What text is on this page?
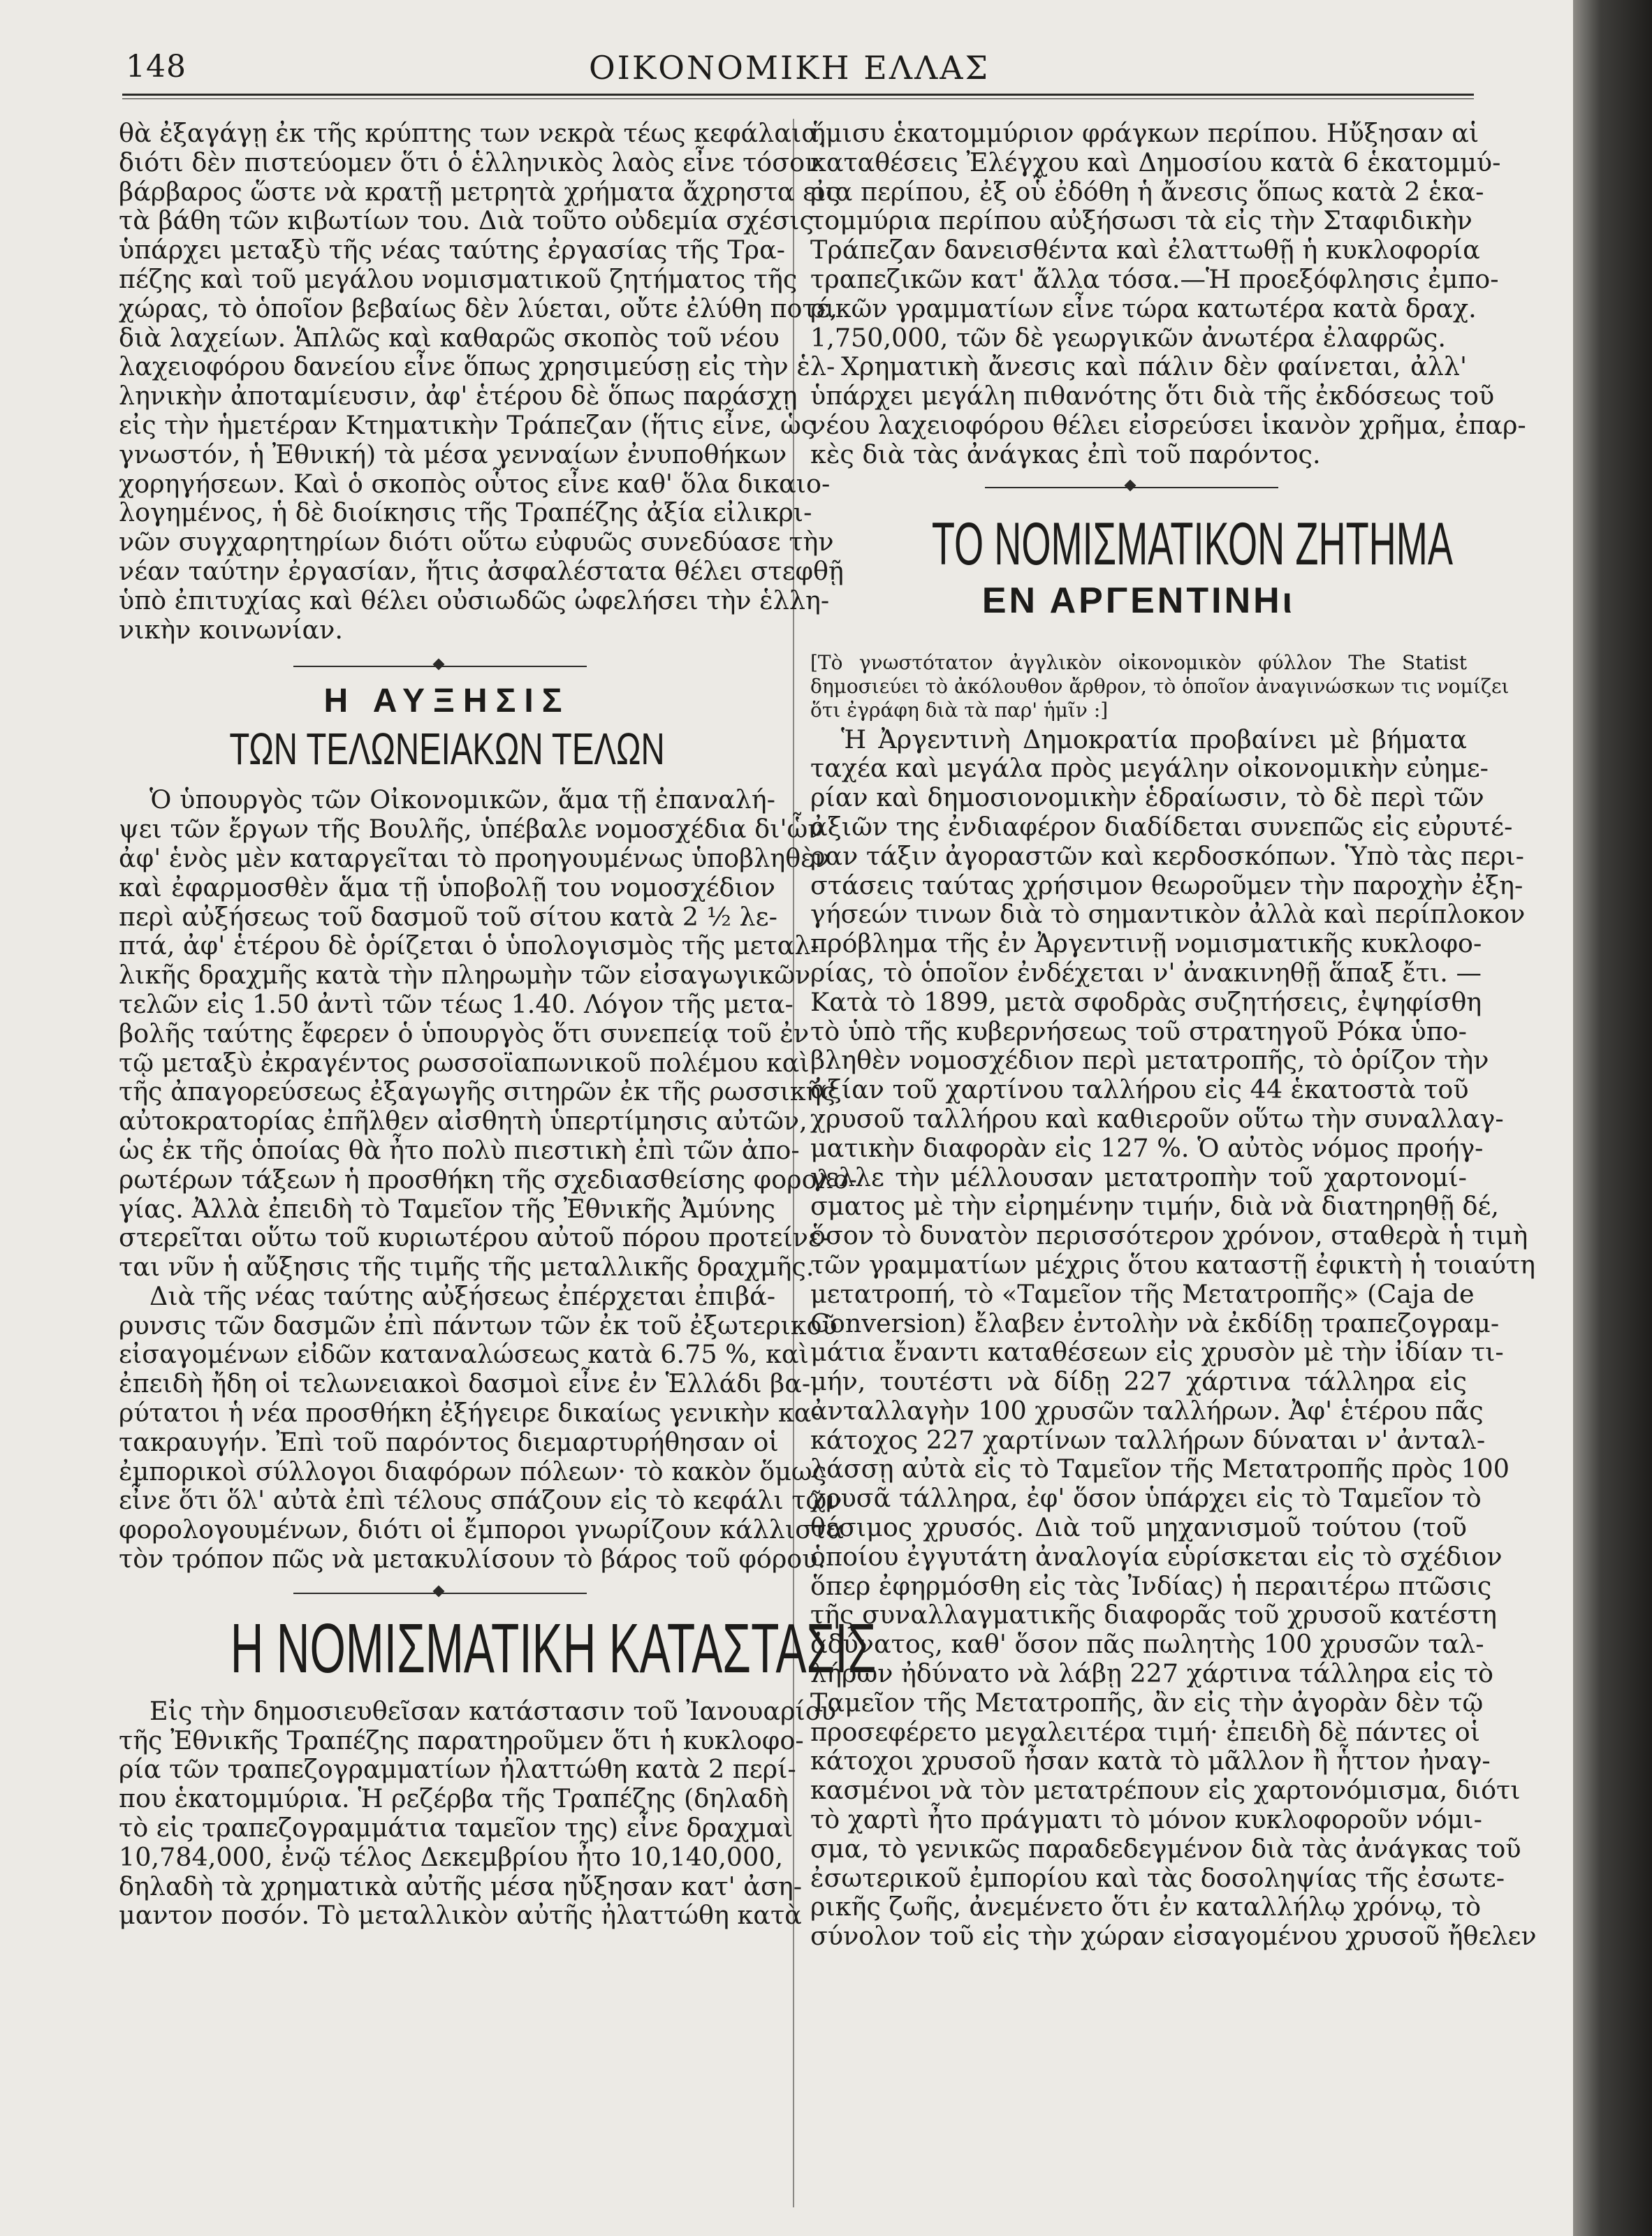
148	ΟΙΚΟΝΟΜΙΚΗ ΕΛΛΑΣ
θὰ ἐξαγάγῃ ἐκ τῆς κρύπτης των νεκρὰ τέως κεφάλαια,
διότι δὲν πιστεύομεν ὅτι ὁ ἑλληνικὸς λαὸς εἶνε τόσον
βάρβαρος ὥστε νὰ κρατῇ μετρητὰ χρήματα ἄχρηστα εἰς
τὰ βάθη τῶν κιβωτίων του. Διὰ τοῦτο οὐδεμία σχέσις
ὑπάρχει μεταξὺ τῆς νέας ταύτης ἐργασίας τῆς Τρα-
πέζης καὶ τοῦ μεγάλου νομισματικοῦ ζητήματος τῆς
χώρας, τὸ ὁποῖον βεβαίως δὲν λύεται, οὔτε ἐλύθη ποτέ,
διὰ λαχείων. Ἁπλῶς καὶ καθαρῶς σκοπὸς τοῦ νέου
λαχειοφόρου δανείου εἶνε ὅπως χρησιμεύσῃ εἰς τὴν ἑλ-
ληνικὴν ἀποταμίευσιν, ἀφ' ἑτέρου δὲ ὅπως παράσχῃ
εἰς τὴν ἡμετέραν Κτηματικὴν Τράπεζαν (ἥτις εἶνε, ὡς
γνωστόν, ἡ Ἐθνική) τὰ μέσα γενναίων ἐνυποθήκων
χορηγήσεων. Καὶ ὁ σκοπὸς οὗτος εἶνε καθ' ὅλα δικαιο-
λογημένος, ἡ δὲ διοίκησις τῆς Τραπέζης ἀξία εἰλικρι-
νῶν συγχαρητηρίων διότι οὕτω εὐφυῶς συνεδύασε τὴν
νέαν ταύτην ἐργασίαν, ἥτις ἀσφαλέστατα θέλει στεφθῇ
ὑπὸ ἐπιτυχίας καὶ θέλει οὐσιωδῶς ὠφελήσει τὴν ἑλλη-
νικὴν κοινωνίαν.
Η ΑΥΞΗΣΙΣ
ΤΩΝ ΤΕΛΩΝΕΙΑΚΩΝ ΤΕΛΩΝ
Ὁ ὑπουργὸς τῶν Οἰκονομικῶν, ἅμα τῇ ἐπαναλή-
ψει τῶν ἔργων τῆς Βουλῆς, ὑπέβαλε νομοσχέδια δι'ὧν
ἀφ' ἑνὸς μὲν καταργεῖται τὸ προηγουμένως ὑποβληθὲν
καὶ ἐφαρμοσθὲν ἅμα τῇ ὑποβολῇ του νομοσχέδιον
περὶ αὐξήσεως τοῦ δασμοῦ τοῦ σίτου κατὰ 2 ½ λε-
πτά, ἀφ' ἑτέρου δὲ ὁρίζεται ὁ ὑπολογισμὸς τῆς μεταλ-
λικῆς δραχμῆς κατὰ τὴν πληρωμὴν τῶν εἰσαγωγικῶν
τελῶν εἰς 1.50 ἀντὶ τῶν τέως 1.40. Λόγον τῆς μετα-
βολῆς ταύτης ἔφερεν ὁ ὑπουργὸς ὅτι συνεπείᾳ τοῦ ἐν
τῷ μεταξὺ ἐκραγέντος ρωσσοϊαπωνικοῦ πολέμου καὶ
τῆς ἀπαγορεύσεως ἐξαγωγῆς σιτηρῶν ἐκ τῆς ρωσσικῆς
αὐτοκρατορίας ἐπῆλθεν αἰσθητὴ ὑπερτίμησις αὐτῶν,
ὡς ἐκ τῆς ὁποίας θὰ ἦτο πολὺ πιεστικὴ ἐπὶ τῶν ἀπο-
ρωτέρων τάξεων ἡ προσθήκη τῆς σχεδιασθείσης φορολο-
γίας. Ἀλλὰ ἐπειδὴ τὸ Ταμεῖον τῆς Ἐθνικῆς Ἀμύνης
στερεῖται οὕτω τοῦ κυριωτέρου αὐτοῦ πόρου προτείνε-
ται νῦν ἡ αὔξησις τῆς τιμῆς τῆς μεταλλικῆς δραχμῆς.
Διὰ τῆς νέας ταύτης αὐξήσεως ἐπέρχεται ἐπιβά-
ρυνσις τῶν δασμῶν ἐπὶ πάντων τῶν ἐκ τοῦ ἐξωτερικοῦ
εἰσαγομένων εἰδῶν καταναλώσεως κατὰ 6.75 %, καὶ
ἐπειδὴ ἤδη οἱ τελωνειακοὶ δασμοὶ εἶνε ἐν Ἑλλάδι βα-
ρύτατοι ἡ νέα προσθήκη ἐξήγειρε δικαίως γενικὴν κα-
τακραυγήν. Ἐπὶ τοῦ παρόντος διεμαρτυρήθησαν οἱ
ἐμπορικοὶ σύλλογοι διαφόρων πόλεων· τὸ κακὸν ὅμως
εἶνε ὅτι ὅλ' αὐτὰ ἐπὶ τέλους σπάζουν εἰς τὸ κεφάλι τῶν
φορολογουμένων, διότι οἱ ἔμποροι γνωρίζουν κάλλιστα
τὸν τρόπον πῶς νὰ μετακυλίσουν τὸ βάρος τοῦ φόρου.
Η ΝΟΜΙΣΜΑΤΙΚΗ ΚΑΤΑΣΤΑΣΙΣ
Εἰς τὴν δημοσιευθεῖσαν κατάστασιν τοῦ Ἰανουαρίου
τῆς Ἐθνικῆς Τραπέζης παρατηροῦμεν ὅτι ἡ κυκλοφο-
ρία τῶν τραπεζογραμματίων ἠλαττώθη κατὰ 2 περί-
που ἑκατομμύρια. Ἡ ρεζέρβα τῆς Τραπέζης (δηλαδὴ
τὸ εἰς τραπεζογραμμάτια ταμεῖον της) εἶνε δραχμαὶ
10,784,000, ἐνῷ τέλος Δεκεμβρίου ἦτο 10,140,000,
δηλαδὴ τὰ χρηματικὰ αὐτῆς μέσα ηὔξησαν κατ' ἀση-
μαντον ποσόν. Τὸ μεταλλικὸν αὐτῆς ἠλαττώθη κατὰ
ἥμισυ ἑκατομμύριον φράγκων περίπου. Ηὔξησαν αἱ
καταθέσεις Ἐλέγχου καὶ Δημοσίου κατὰ 6 ἑκατομμύ-
ρια περίπου, ἐξ οὗ ἐδόθη ἡ ἄνεσις ὅπως κατὰ 2 ἑκα-
τομμύρια περίπου αὐξήσωσι τὰ εἰς τὴν Σταφιδικὴν
Τράπεζαν δανεισθέντα καὶ ἐλαττωθῇ ἡ κυκλοφορία
τραπεζικῶν κατ' ἄλλα τόσα.—Ἡ προεξόφλησις ἐμπο-
ρικῶν γραμματίων εἶνε τώρα κατωτέρα κατὰ δραχ.
1,750,000, τῶν δὲ γεωργικῶν ἀνωτέρα ἐλαφρῶς.
Χρηματικὴ ἄνεσις καὶ πάλιν δὲν φαίνεται, ἀλλ'
ὑπάρχει μεγάλη πιθανότης ὅτι διὰ τῆς ἐκδόσεως τοῦ
νέου λαχειοφόρου θέλει εἰσρεύσει ἱκανὸν χρῆμα, ἐπαρ-
κὲς διὰ τὰς ἀνάγκας ἐπὶ τοῦ παρόντος.
ΤΟ ΝΟΜΙΣΜΑΤΙΚΟΝ ΖΗΤΗΜΑ
ΕΝ ΑΡΓΕΝΤΙΝΗι
[Τὸ γνωστότατον ἀγγλικὸν οἰκονομικὸν φύλλον The Statist
δημοσιεύει τὸ ἀκόλουθον ἄρθρον, τὸ ὁποῖον ἀναγινώσκων τις νομίζει
ὅτι ἐγράφη διὰ τὰ παρ' ἡμῖν :]
Ἡ Ἀργεντινὴ Δημοκρατία προβαίνει μὲ βήματα
ταχέα καὶ μεγάλα πρὸς μεγάλην οἰκονομικὴν εὐημε-
ρίαν καὶ δημοσιονομικὴν ἑδραίωσιν, τὸ δὲ περὶ τῶν
ἀξιῶν της ἐνδιαφέρον διαδίδεται συνεπῶς εἰς εὐρυτέ-
ραν τάξιν ἀγοραστῶν καὶ κερδοσκόπων. Ὑπὸ τὰς περι-
στάσεις ταύτας χρήσιμον θεωροῦμεν τὴν παροχὴν ἐξη-
γήσεών τινων διὰ τὸ σημαντικὸν ἀλλὰ καὶ περίπλοκον
πρόβλημα τῆς ἐν Ἀργεντινῇ νομισματικῆς κυκλοφο-
ρίας, τὸ ὁποῖον ἐνδέχεται ν' ἀνακινηθῇ ἅπαξ ἔτι. —
Κατὰ τὸ 1899, μετὰ σφοδρὰς συζητήσεις, ἐψηφίσθη
τὸ ὑπὸ τῆς κυβερνήσεως τοῦ στρατηγοῦ Ρόκα ὑπο-
βληθὲν νομοσχέδιον περὶ μετατροπῆς, τὸ ὁρίζον τὴν
ἀξίαν τοῦ χαρτίνου ταλλήρου εἰς 44 ἑκατοστὰ τοῦ
χρυσοῦ ταλλήρου καὶ καθιεροῦν οὕτω τὴν συναλλαγ-
ματικὴν διαφορὰν εἰς 127 %. Ὁ αὐτὸς νόμος προήγ-
γελλε τὴν μέλλουσαν μετατροπὴν τοῦ χαρτονομί-
σματος μὲ τὴν εἰρημένην τιμήν, διὰ νὰ διατηρηθῇ δέ,
ὅσον τὸ δυνατὸν περισσότερον χρόνον, σταθερὰ ἡ τιμὴ
τῶν γραμματίων μέχρις ὅτου καταστῇ ἐφικτὴ ἡ τοιαύτη
μετατροπή, τὸ «Ταμεῖον τῆς Μετατροπῆς» (Caja de
Conversion) ἔλαβεν ἐντολὴν νὰ ἐκδίδῃ τραπεζογραμ-
μάτια ἔναντι καταθέσεων εἰς χρυσὸν μὲ τὴν ἰδίαν τι-
μήν, τουτέστι νὰ δίδῃ 227 χάρτινα τάλληρα εἰς
ἀνταλλαγὴν 100 χρυσῶν ταλλήρων. Ἀφ' ἑτέρου πᾶς
κάτοχος 227 χαρτίνων ταλλήρων δύναται ν' ἀνταλ-
λάσσῃ αὐτὰ εἰς τὸ Ταμεῖον τῆς Μετατροπῆς πρὸς 100
χρυσᾶ τάλληρα, ἐφ' ὅσον ὑπάρχει εἰς τὸ Ταμεῖον τὸ
θέσιμος χρυσός. Διὰ τοῦ μηχανισμοῦ τούτου (τοῦ
ὁποίου ἐγγυτάτη ἀναλογία εὑρίσκεται εἰς τὸ σχέδιον
ὅπερ ἐφηρμόσθη εἰς τὰς Ἰνδίας) ἡ περαιτέρω πτῶσις
τῆς συναλλαγματικῆς διαφορᾶς τοῦ χρυσοῦ κατέστη
ἀδύνατος, καθ' ὅσον πᾶς πωλητὴς 100 χρυσῶν ταλ-
λήρων ἠδύνατο νὰ λάβῃ 227 χάρτινα τάλληρα εἰς τὸ
Ταμεῖον τῆς Μετατροπῆς, ἂν εἰς τὴν ἀγορὰν δὲν τῷ
προσεφέρετο μεγαλειτέρα τιμή· ἐπειδὴ δὲ πάντες οἱ
κάτοχοι χρυσοῦ ἦσαν κατὰ τὸ μᾶλλον ἢ ἧττον ἠναγ-
κασμένοι νὰ τὸν μετατρέπουν εἰς χαρτονόμισμα, διότι
τὸ χαρτὶ ἦτο πράγματι τὸ μόνον κυκλοφοροῦν νόμι-
σμα, τὸ γενικῶς παραδεδεγμένον διὰ τὰς ἀνάγκας τοῦ
ἐσωτερικοῦ ἐμπορίου καὶ τὰς δοσοληψίας τῆς ἐσωτε-
ρικῆς ζωῆς, ἀνεμένετο ὅτι ἐν καταλλήλῳ χρόνῳ, τὸ
σύνολον τοῦ εἰς τὴν χώραν εἰσαγομένου χρυσοῦ ἤθελεν
